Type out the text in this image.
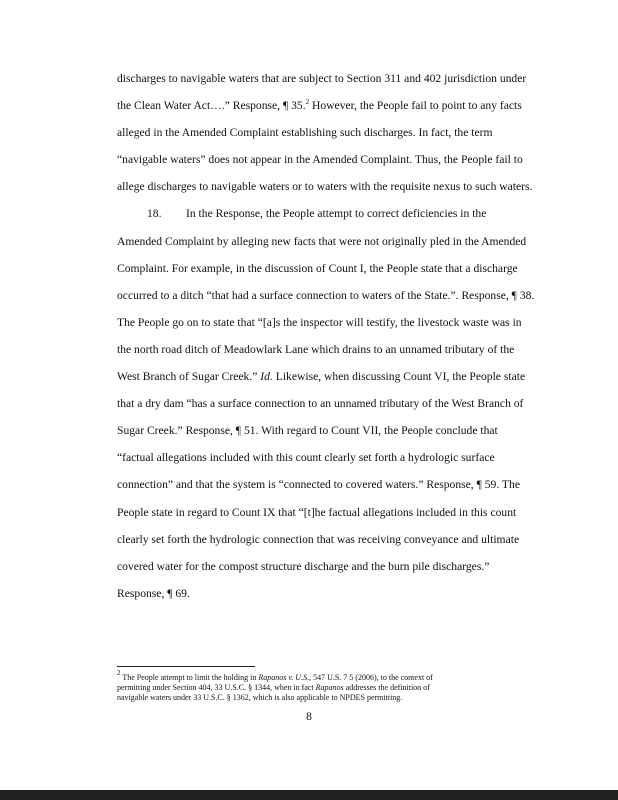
discharges to navigable waters that are subject to Section 311 and 402 jurisdiction under
the Clean Water Act….” Response, ¶ 35.$^2$ However, the People fail to point to any facts
alleged in the Amended Complaint establishing such discharges. In fact, the term
“navigable waters” does not appear in the Amended Complaint. Thus, the People fail to
allege discharges to navigable waters or to waters with the requisite nexus to such waters.

18. In the Response, the People attempt to correct deficiencies in the
Amended Complaint by alleging new facts that were not originally pled in the Amended
Complaint. For example, in the discussion of Count I, the People state that a discharge
occurred to a ditch “that had a surface connection to waters of the State.”. Response, ¶ 38.
The People go on to state that “[a]s the inspector will testify, the livestock waste was in
the north road ditch of Meadowlark Lane which drains to an unnamed tributary of the
West Branch of Sugar Creek.” Id. Likewise, when discussing Count VI, the People state
that a dry dam “has a surface connection to an unnamed tributary of the West Branch of
Sugar Creek.” Response, ¶ 51. With regard to Count VII, the People conclude that
“factual allegations included with this count clearly set forth a hydrologic surface
connection” and that the system is “connected to covered waters.” Response, ¶ 59. The
People state in regard to Count IX that “[t]he factual allegations included in this count
clearly set forth the hydrologic connection that was receiving conveyance and ultimate
covered water for the compost structure discharge and the burn pile discharges.”
Response, ¶ 69.

$^2$ The People attempt to limit the holding in Rapanos v. U.S., 547 U.S. 7 5 (2006), to the context of
permitting under Section 404, 33 U.S.C. § 1344, when in fact Rapanos addresses the definition of
navigable waters under 33 U.S.C. § 1362, which is also applicable to NPDES permitting.
8
